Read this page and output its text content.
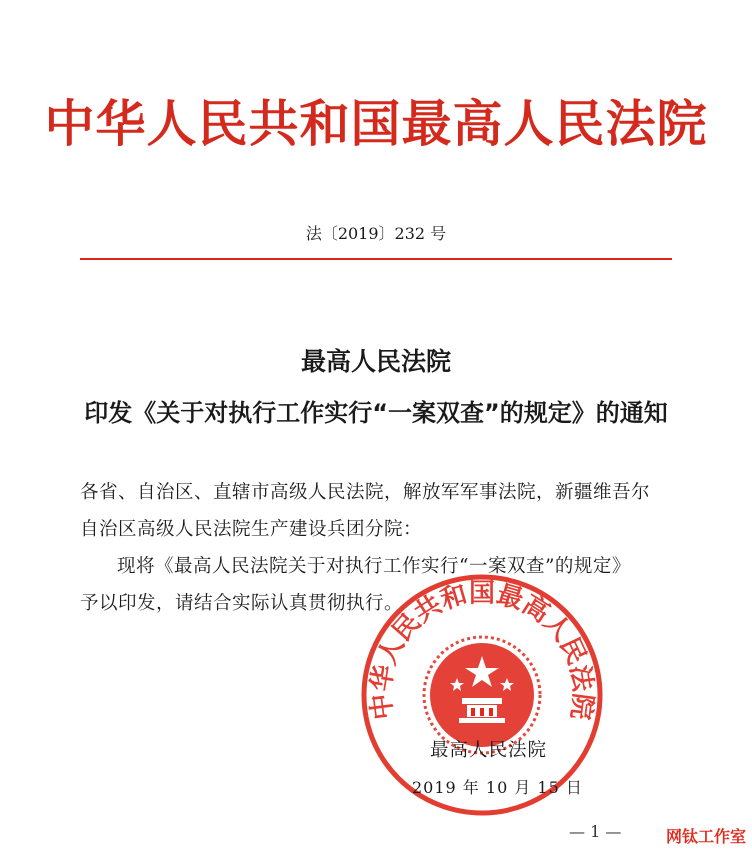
中华人民共和国最高人民法院
法〔2019〕232 号
最高人民法院
印发《关于对执行工作实行“一案双查”的规定》的通知
各省、自治区、直辖市高级人民法院，解放军军事法院，新疆维吾尔
自治区高级人民法院生产建设兵团分院：
现将《最高人民法院关于对执行工作实行“一案双查”的规定》
予以印发，请结合实际认真贯彻执行。
中华人民共和国最高人民法院
最高人民法院
2019 年 10 月 15 日
— 1 —	网钛工作室
